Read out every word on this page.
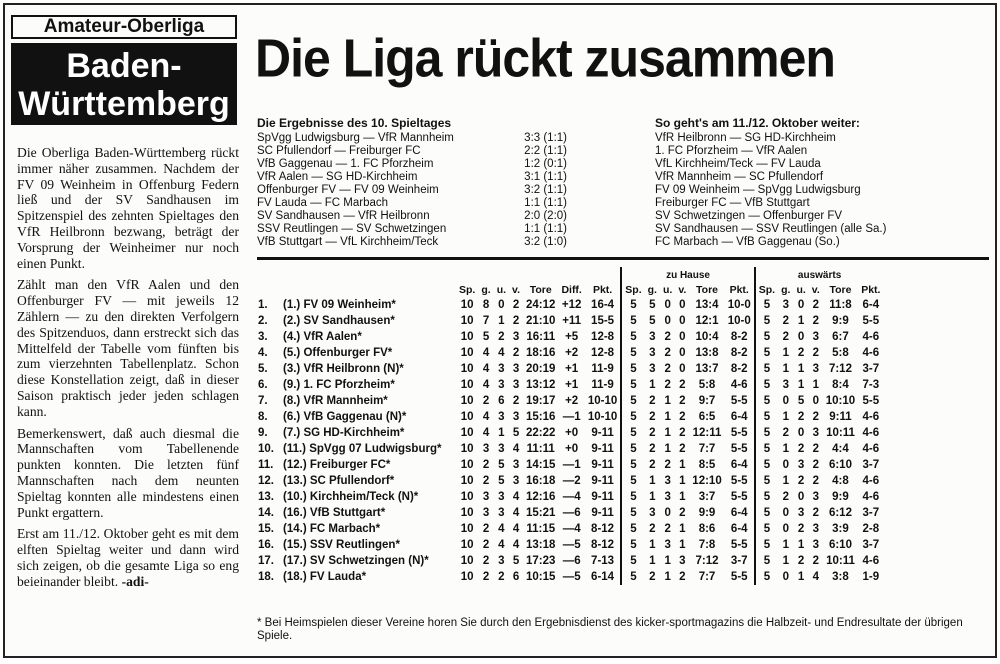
Amateur-Oberliga
Baden-
Württemberg

Die Oberliga Baden-Württemberg rückt immer näher zusammen. Nachdem der FV 09 Weinheim in Offenburg Federn ließ und der SV Sandhausen im Spitzenspiel des zehnten Spieltages den VfR Heilbronn bezwang, beträgt der Vorsprung der Weinheimer nur noch einen Punkt.

Zählt man den VfR Aalen und den Offenburger FV — mit jeweils 12 Zählern — zu den direkten Verfolgern des Spitzenduos, dann erstreckt sich das Mittelfeld der Tabelle vom fünften bis zum vierzehnten Tabellenplatz. Schon diese Konstellation zeigt, daß in dieser Saison praktisch jeder jeden schlagen kann.

Bemerkenswert, daß auch diesmal die Mannschaften vom Tabellenende punkten konnten. Die letzten fünf Mannschaften nach dem neunten Spieltag konnten alle mindestens einen Punkt ergattern.

Erst am 11./12. Oktober geht es mit dem elften Spieltag weiter und dann wird sich zeigen, ob die gesamte Liga so eng beieinander bleibt. -adi-

Die Liga rückt zusammen
Die Ergebnisse des 10. Spieltages
SpVgg Ludwigsburg — VfR Mannheim	3:3 (1:1)
SC Pfullendorf — Freiburger FC	2:2 (1:1)
VfB Gaggenau — 1. FC Pforzheim	1:2 (0:1)
VfR Aalen — SG HD-Kirchheim	3:1 (1:1)
Offenburger FV — FV 09 Weinheim	3:2 (1:1)
FV Lauda — FC Marbach	1:1 (1:1)
SV Sandhausen — VfR Heilbronn	2:0 (2:0)
SSV Reutlingen — SV Schwetzingen	1:1 (1:1)
VfB Stuttgart — VfL Kirchheim/Teck	3:2 (1:0)
So geht's am 11./12. Oktober weiter:
VfR Heilbronn — SG HD-Kirchheim
1. FC Pforzheim — VfR Aalen
VfL Kirchheim/Teck — FV Lauda
VfR Mannheim — SC Pfullendorf
FV 09 Weinheim — SpVgg Ludwigsburg
Freiburger FC — VfB Stuttgart
SV Schwetzingen — Offenburger FV
SV Sandhausen — SSV Reutlingen (alle Sa.)
FC Marbach — VfB Gaggenau (So.)
									zu Hause						auswärts					
		Sp.	g.	u.	v.	Tore	Diff.	Pkt.	Sp.	g.	u.	v.	Tore	Pkt.	Sp.	g.	u.	v.	Tore	Pkt.
1.	(1.) FV 09 Weinheim*	10	8	0	2	24:12	+12	16-4	5	5	0	0	13:4	10-0	5	3	0	2	11:8	6-4
2.	(2.) SV Sandhausen*	10	7	1	2	21:10	+11	15-5	5	5	0	0	12:1	10-0	5	2	1	2	9:9	5-5
3.	(4.) VfR Aalen*	10	5	2	3	16:11	+5	12-8	5	3	2	0	10:4	8-2	5	2	0	3	6:7	4-6
4.	(5.) Offenburger FV*	10	4	4	2	18:16	+2	12-8	5	3	2	0	13:8	8-2	5	1	2	2	5:8	4-6
5.	(3.) VfR Heilbronn (N)*	10	4	3	3	20:19	+1	11-9	5	3	2	0	13:7	8-2	5	1	1	3	7:12	3-7
6.	(9.) 1. FC Pforzheim*	10	4	3	3	13:12	+1	11-9	5	1	2	2	5:8	4-6	5	3	1	1	8:4	7-3
7.	(8.) VfR Mannheim*	10	2	6	2	19:17	+2	10-10	5	2	1	2	9:7	5-5	5	0	5	0	10:10	5-5
8.	(6.) VfB Gaggenau (N)*	10	4	3	3	15:16	—1	10-10	5	2	1	2	6:5	6-4	5	1	2	2	9:11	4-6
9.	(7.) SG HD-Kirchheim*	10	4	1	5	22:22	+0	9-11	5	2	1	2	12:11	5-5	5	2	0	3	10:11	4-6
10.	(11.) SpVgg 07 Ludwigsburg*	10	3	3	4	11:11	+0	9-11	5	2	1	2	7:7	5-5	5	1	2	2	4:4	4-6
11.	(12.) Freiburger FC*	10	2	5	3	14:15	—1	9-11	5	2	2	1	8:5	6-4	5	0	3	2	6:10	3-7
12.	(13.) SC Pfullendorf*	10	2	5	3	16:18	—2	9-11	5	1	3	1	12:10	5-5	5	1	2	2	4:8	4-6
13.	(10.) Kirchheim/Teck (N)*	10	3	3	4	12:16	—4	9-11	5	1	3	1	3:7	5-5	5	2	0	3	9:9	4-6
14.	(16.) VfB Stuttgart*	10	3	3	4	15:21	—6	9-11	5	3	0	2	9:9	6-4	5	0	3	2	6:12	3-7
15.	(14.) FC Marbach*	10	2	4	4	11:15	—4	8-12	5	2	2	1	8:6	6-4	5	0	2	3	3:9	2-8
16.	(15.) SSV Reutlingen*	10	2	4	4	13:18	—5	8-12	5	1	3	1	7:8	5-5	5	1	1	3	6:10	3-7
17.	(17.) SV Schwetzingen (N)*	10	2	3	5	17:23	—6	7-13	5	1	1	3	7:12	3-7	5	1	2	2	10:11	4-6
18.	(18.) FV Lauda*	10	2	2	6	10:15	—5	6-14	5	2	1	2	7:7	5-5	5	0	1	4	3:8	1-9
* Bei Heimspielen dieser Vereine horen Sie durch den Ergebnisdienst des kicker-sportmagazins die Halbzeit- und Endresultate der übrigen Spiele.
